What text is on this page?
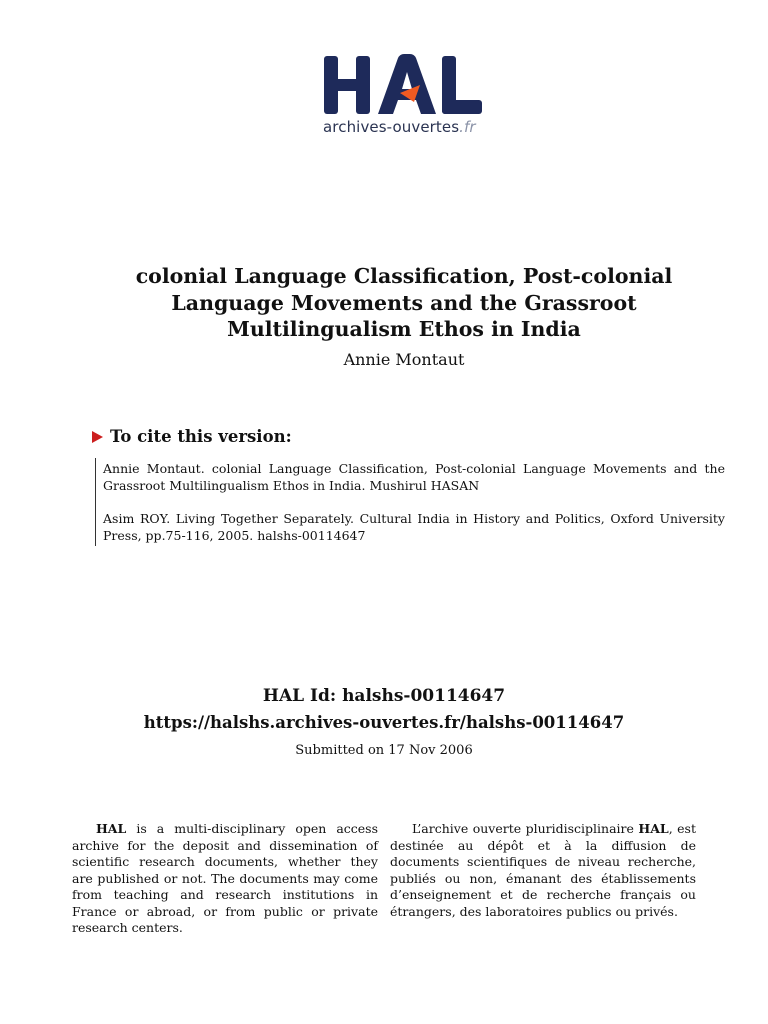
archives-ouvertes.fr
colonial Language Classification, Post-colonial Language Movements and the Grassroot Multilingualism Ethos in India
Annie Montaut
To cite this version:

Annie Montaut. colonial Language Classification, Post-colonial Language Movements and the Grassroot Multilingualism Ethos in India. Mushirul HASAN

Asim ROY. Living Together Separately. Cultural India in History and Politics, Oxford University Press, pp.75-116, 2005. halshs-00114647

HAL Id: halshs-00114647
https://halshs.archives-ouvertes.fr/halshs-00114647
Submitted on 17 Nov 2006

HAL is a multi-disciplinary open access archive for the deposit and dissemination of scientific research documents, whether they are published or not. The documents may come from teaching and research institutions in France or abroad, or from public or private research centers.

L’archive ouverte pluridisciplinaire HAL, est destinée au dépôt et à la diffusion de documents scientifiques de niveau recherche, publiés ou non, émanant des établissements d’enseignement et de recherche français ou étrangers, des laboratoires publics ou privés.
